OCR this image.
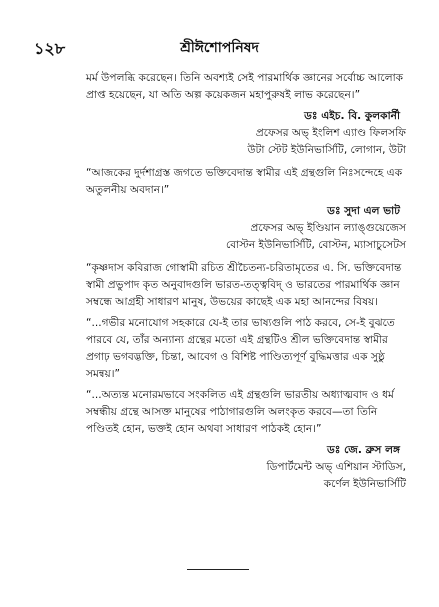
১২৮	শ্রীঈশোপনিষদ

মর্ম উপলব্ধি করেছেন। তিনি অবশ্যই সেই পারমার্থিক জ্ঞানের সর্বোচ্চ আলোক প্রাপ্ত হয়েছেন, যা অতি অল্প কয়েকজন মহাপুরুষই লাভ করেছেন।”

ডঃ এইচ. বি. কুলকার্নী
প্রফেসর অভ্ ইংলিশ এ্যাণ্ড ফিলসফি
উটা স্টেট ইউনিভার্সিটি, লোগান, উটা

“আজকের দুর্দশাগ্রস্ত জগতে ভক্তিবেদান্ত স্বামীর এই গ্রন্থগুলি নিঃসন্দেহে এক অতুলনীয় অবদান।”

ডঃ সুদা এল ভাট
প্রফেসর অভ্ ইণ্ডিয়ান ল্যাঙ্গুয়েজেস
বোস্টন ইউনিভার্সিটি, বোস্টন, ম্যাসাচুসেটস

“কৃষ্ণদাস কবিরাজ গোস্বামী রচিত শ্রীচৈতন্য-চরিতামৃতের এ. সি. ভক্তিবেদান্ত স্বামী প্রভুপাদ কৃত অনুবাদগুলি ভারত-তত্ত্ববিদ্ ও ভারতের পারমার্থিক জ্ঞান সম্বন্ধে আগ্রহী সাধারণ মানুষ, উভয়ের কাছেই এক মহা আনন্দের বিষয়।

“...গভীর মনোযোগ সহকারে যে-ই তার ভাষ্যগুলি পাঠ করবে, সে-ই বুঝতে পারবে যে, তাঁর অন্যান্য গ্রন্থের মতো এই গ্রন্থটিও শ্রীল ভক্তিবেদান্ত স্বামীর প্রগাঢ় ভগবদ্ভক্তি, চিন্তা, আবেগ ও বিশিষ্ট পাণ্ডিত্যপূর্ণ বুদ্ধিমত্তার এক সুষ্ঠু সমন্বয়।”

“...অত্যন্ত মনোরমভাবে সংকলিত এই গ্রন্থগুলি ভারতীয় অধ্যাত্মবাদ ও ধর্ম সম্বন্ধীয় গ্রন্থে আসক্ত মানুষের পাঠাগারগুলি অলংকৃত করবে—তা তিনি পণ্ডিতই হোন, ভক্তই হোন অথবা সাধারণ পাঠকই হোন।”

ডঃ জে. ব্রুস লঙ্গ
ডিপার্টমেন্ট অভ্ এশিয়ান স্টাডিস,
কর্ণেল ইউনিভার্সিটি
